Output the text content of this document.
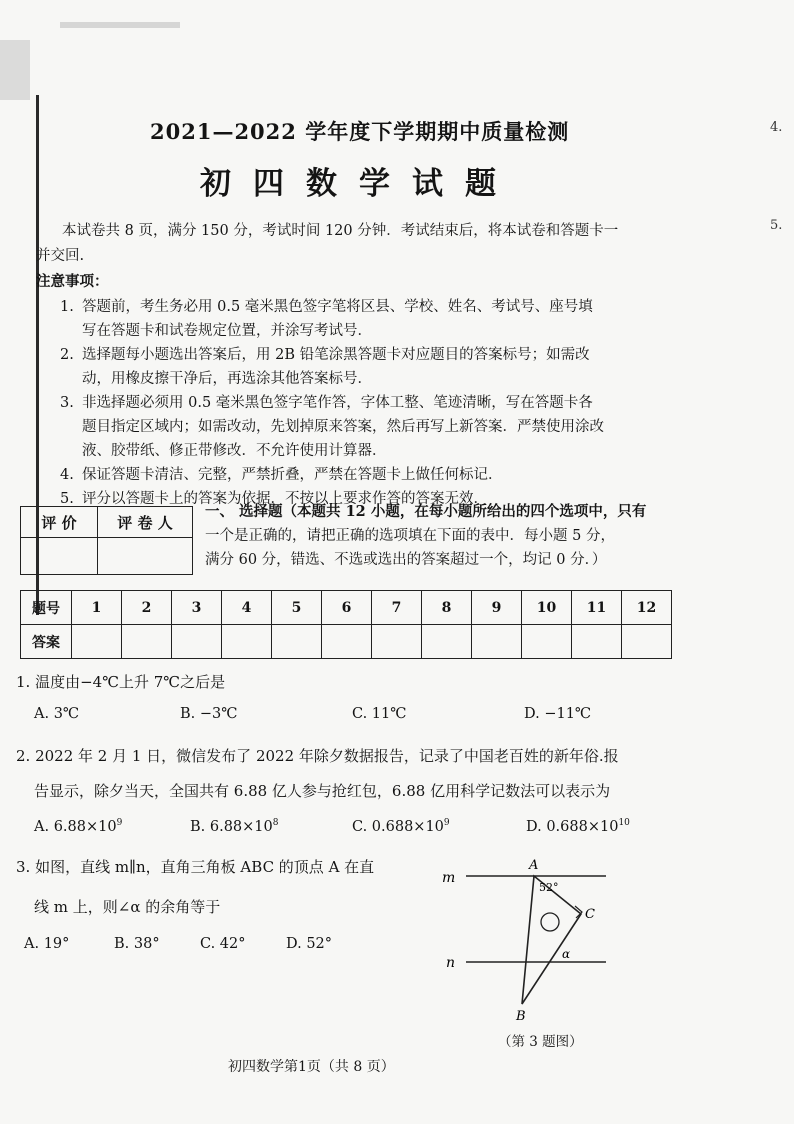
4.
5.
2021—2022 学年度下学期期中质量检测
初四数学试题
本试卷共 8 页，满分 150 分，考试时间 120 分钟．考试结束后，将本试卷和答题卡一
并交回.
注意事项：
1. 答题前，考生务必用 0.5 毫米黑色签字笔将区县、学校、姓名、考试号、座号填
写在答题卡和试卷规定位置，并涂写考试号．
2. 选择题每小题选出答案后，用 2B 铅笔涂黑答题卡对应题目的答案标号；如需改
动，用橡皮擦干净后，再选涂其他答案标号．
3. 非选择题必须用 0.5 毫米黑色签字笔作答，字体工整、笔迹清晰，写在答题卡各
题目指定区域内；如需改动，先划掉原来答案，然后再写上新答案．严禁使用涂改
液、胶带纸、修正带修改．不允许使用计算器．
4. 保证答题卡清洁、完整，严禁折叠，严禁在答题卡上做任何标记．
5. 评分以答题卡上的答案为依据．不按以上要求作答的答案无效．
评 价	评 卷 人

一、 选择题（本题共 12 小题，在每小题所给出的四个选项中，只有
一个是正确的，请把正确的选项填在下面的表中．每小题 5 分，
满分 60 分，错选、不选或选出的答案超过一个，均记 0 分．）
题号	1	2	3	4	5	6	7	8	9	10	11	12
答案												
1. 温度由−4℃上升 7℃之后是
A. 3℃	B. −3℃	C. 11℃	D. −11℃
2. 2022 年 2 月 1 日，微信发布了 2022 年除夕数据报告，记录了中国老百姓的新年俗.报
告显示，除夕当天，全国共有 6.88 亿人参与抢红包，6.88 亿用科学记数法可以表示为
A. $6.88\times 10^9$	B. $6.88\times 10^8$	C. $0.688\times 10^9$	D. $0.688\times 10^{10}$
3. 如图，直线 m∥n，直角三角板 ABC 的顶点 A 在直
线 m 上，则∠α 的余角等于
A. 19°	B. 38°	C. 42°	D. 52°
m
n
A
B
C
52°
α
（第 3 题图）
初四数学第1页（共 8 页）
